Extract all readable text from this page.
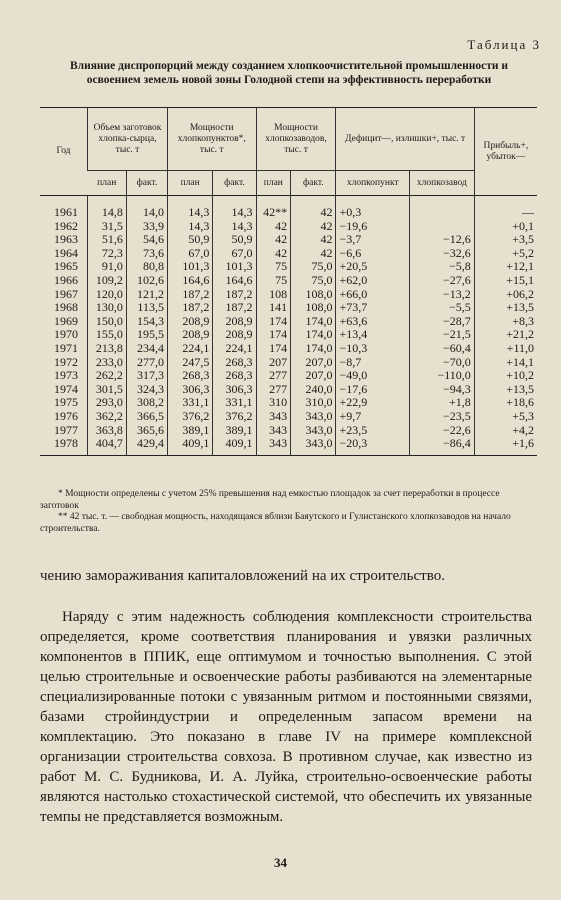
Таблица 3
Влияние диспропорций между созданием хлопкоочистительной промышленности и освоением земель новой зоны Голодной степи на эффективность переработки
Год	Объем заготовок хлопка-сырца, тыс. т		Мощности хлопкопунктов*, тыс. т		Мощности хлопкозаводов, тыс. т		Дефицит—, излишки+, тыс. т		Прибыль+, убыток—
	план	факт.	план	факт.	план	факт.	хлопкопункт	хлопкозавод	
1961	14,8	14,0	14,3	14,3	42**	42	+0,3		—
1962	31,5	33,9	14,3	14,3	42	42	−19,6		+0,1
1963	51,6	54,6	50,9	50,9	42	42	−3,7	−12,6	+3,5
1964	72,3	73,6	67,0	67,0	42	42	−6,6	−32,6	+5,2
1965	91,0	80,8	101,3	101,3	75	75,0	+20,5	−5,8	+12,1
1966	109,2	102,6	164,6	164,6	75	75,0	+62,0	−27,6	+15,1
1967	120,0	121,2	187,2	187,2	108	108,0	+66,0	−13,2	+06,2
1968	130,0	113,5	187,2	187,2	141	108,0	+73,7	−5,5	+13,5
1969	150,0	154,3	208,9	208,9	174	174,0	+63,6	−28,7	+8,3
1970	155,0	195,5	208,9	208,9	174	174,0	+13,4	−21,5	+21,2
1971	213,8	234,4	224,1	224,1	174	174,0	−10,3	−60,4	+11,0
1972	233,0	277,0	247,5	268,3	207	207,0	−8,7	−70,0	+14,1
1973	262,2	317,3	268,3	268,3	277	207,0	−49,0	−110,0	+10,2
1974	301,5	324,3	306,3	306,3	277	240,0	−17,6	−94,3	+13,5
1975	293,0	308,2	331,1	331,1	310	310,0	+22,9	+1,8	+18,6
1976	362,2	366,5	376,2	376,2	343	343,0	+9,7	−23,5	+5,3
1977	363,8	365,6	389,1	389,1	343	343,0	+23,5	−22,6	+4,2
1978	404,7	429,4	409,1	409,1	343	343,0	−20,3	−86,4	+1,6
* Мощности определены с учетом 25% превышения над емкостью площадок за счет переработки в процессе заготовок
** 42 тыс. т. — свободная мощность, находящаяся вблизи Баяутского и Гулистанского хлопкозаводов на начало строительства.
чению замораживания капиталовложений на их строительство.
Наряду с этим надежность соблюдения комплексности строительства определяется, кроме соответствия планирования и увязки различных компонентов в ППИК, еще оптимумом и точностью выполнения. С этой целью строительные и освоенческие работы разбиваются на элементарные специализированные потоки с увязанным ритмом и постоянными связями, базами стройиндустрии и определенным запасом времени на комплектацию. Это показано в главе IV на примере комплексной организации строительства совхоза. В противном случае, как известно из работ М. С. Будникова, И. А. Луйка, строительно-освоенческие работы являются настолько стохастической системой, что обеспечить их увязанные темпы не представляется возможным.
34
